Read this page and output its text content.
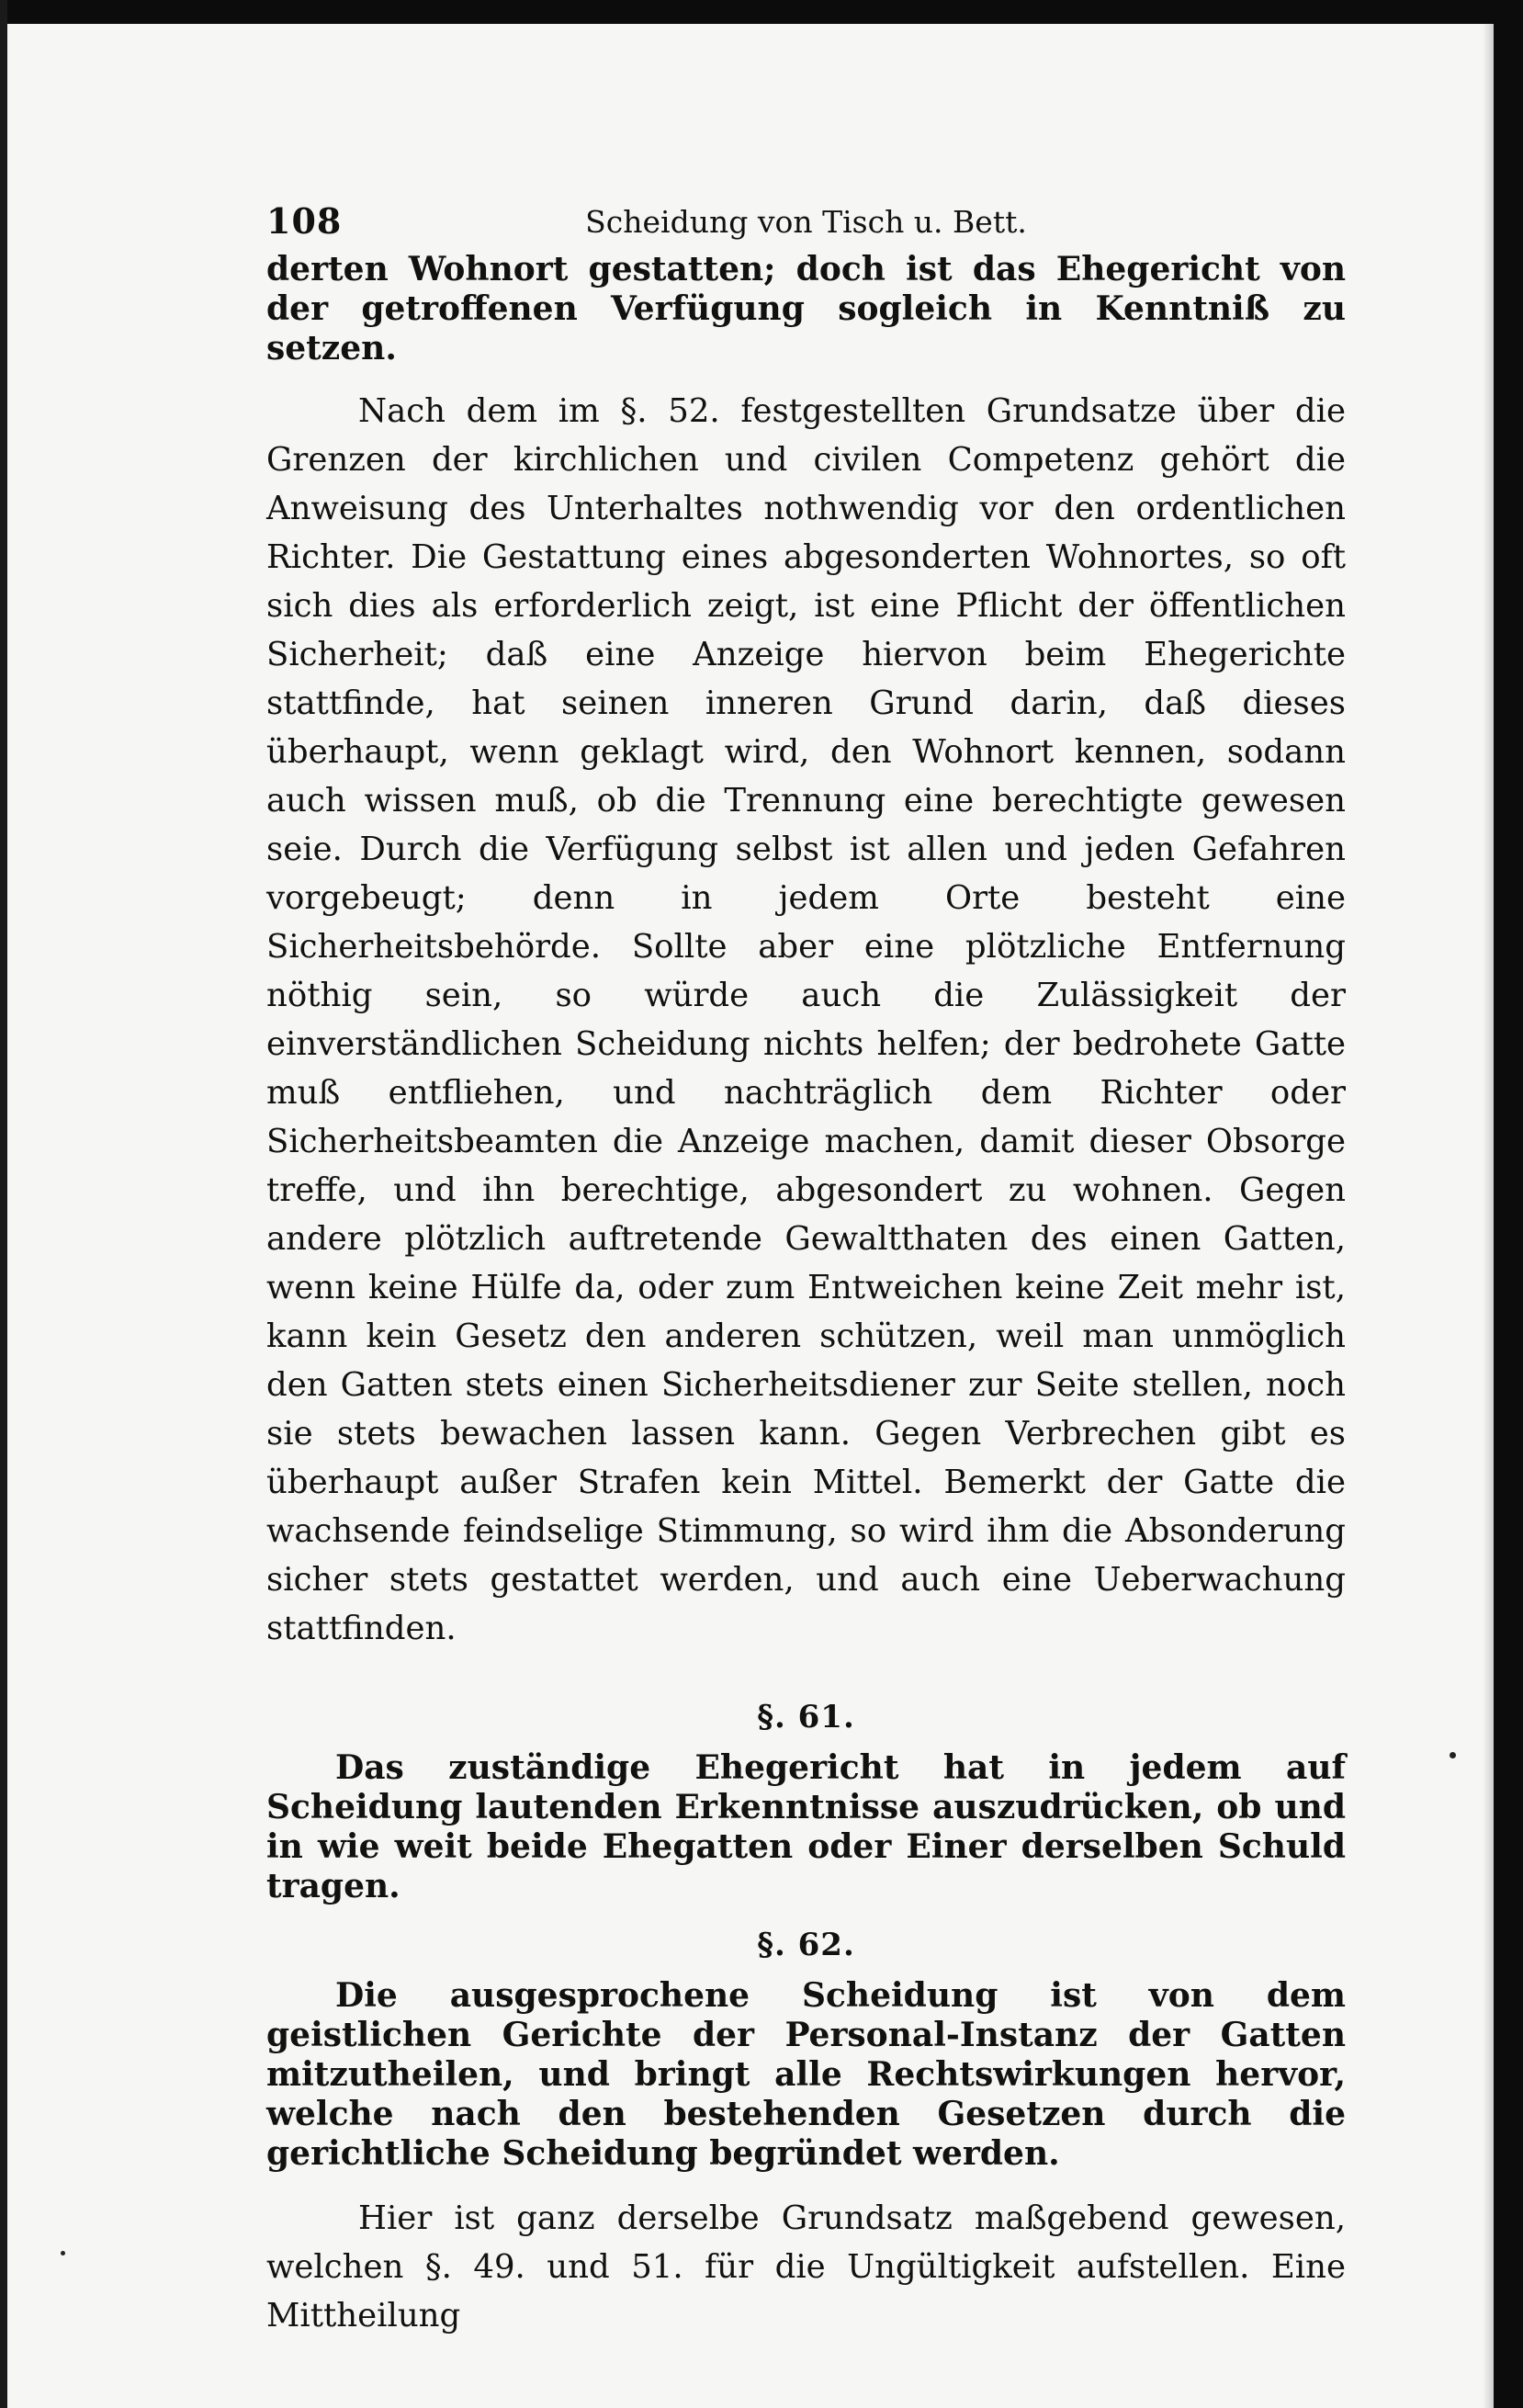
108	Scheidung von Tisch u. Bett.

derten Wohnort gestatten; doch ist das Ehegericht von der getroffenen Verfügung sogleich in Kenntniß zu setzen.

Nach dem im §. 52. festgestellten Grundsatze über die Grenzen der kirchlichen und civilen Competenz gehört die Anweisung des Unterhaltes nothwendig vor den ordentlichen Richter. Die Gestattung eines abgesonderten Wohnortes, so oft sich dies als erforderlich zeigt, ist eine Pflicht der öffentlichen Sicherheit; daß eine Anzeige hiervon beim Ehegerichte stattfinde, hat seinen inneren Grund darin, daß dieses überhaupt, wenn geklagt wird, den Wohnort kennen, sodann auch wissen muß, ob die Trennung eine berechtigte gewesen seie. Durch die Verfügung selbst ist allen und jeden Gefahren vorgebeugt; denn in jedem Orte besteht eine Sicherheitsbehörde. Sollte aber eine plötzliche Entfernung nöthig sein, so würde auch die Zulässigkeit der einverständlichen Scheidung nichts helfen; der bedrohete Gatte muß entfliehen, und nachträglich dem Richter oder Sicherheitsbeamten die Anzeige machen, damit dieser Obsorge treffe, und ihn berechtige, abgesondert zu wohnen. Gegen andere plötzlich auftretende Gewaltthaten des einen Gatten, wenn keine Hülfe da, oder zum Entweichen keine Zeit mehr ist, kann kein Gesetz den anderen schützen, weil man unmöglich den Gatten stets einen Sicherheitsdiener zur Seite stellen, noch sie stets bewachen lassen kann. Gegen Verbrechen gibt es überhaupt außer Strafen kein Mittel. Bemerkt der Gatte die wachsende feindselige Stimmung, so wird ihm die Absonderung sicher stets gestattet werden, und auch eine Ueberwachung stattfinden.

§. 61.

Das zuständige Ehegericht hat in jedem auf Scheidung lautenden Erkenntnisse auszudrücken, ob und in wie weit beide Ehegatten oder Einer derselben Schuld tragen.

§. 62.

Die ausgesprochene Scheidung ist von dem geistlichen Gerichte der Personal-Instanz der Gatten mitzutheilen, und bringt alle Rechtswirkungen hervor, welche nach den bestehenden Gesetzen durch die gerichtliche Scheidung begründet werden.

Hier ist ganz derselbe Grundsatz maßgebend gewesen, welchen §. 49. und 51. für die Ungültigkeit aufstellen. Eine Mittheilung
